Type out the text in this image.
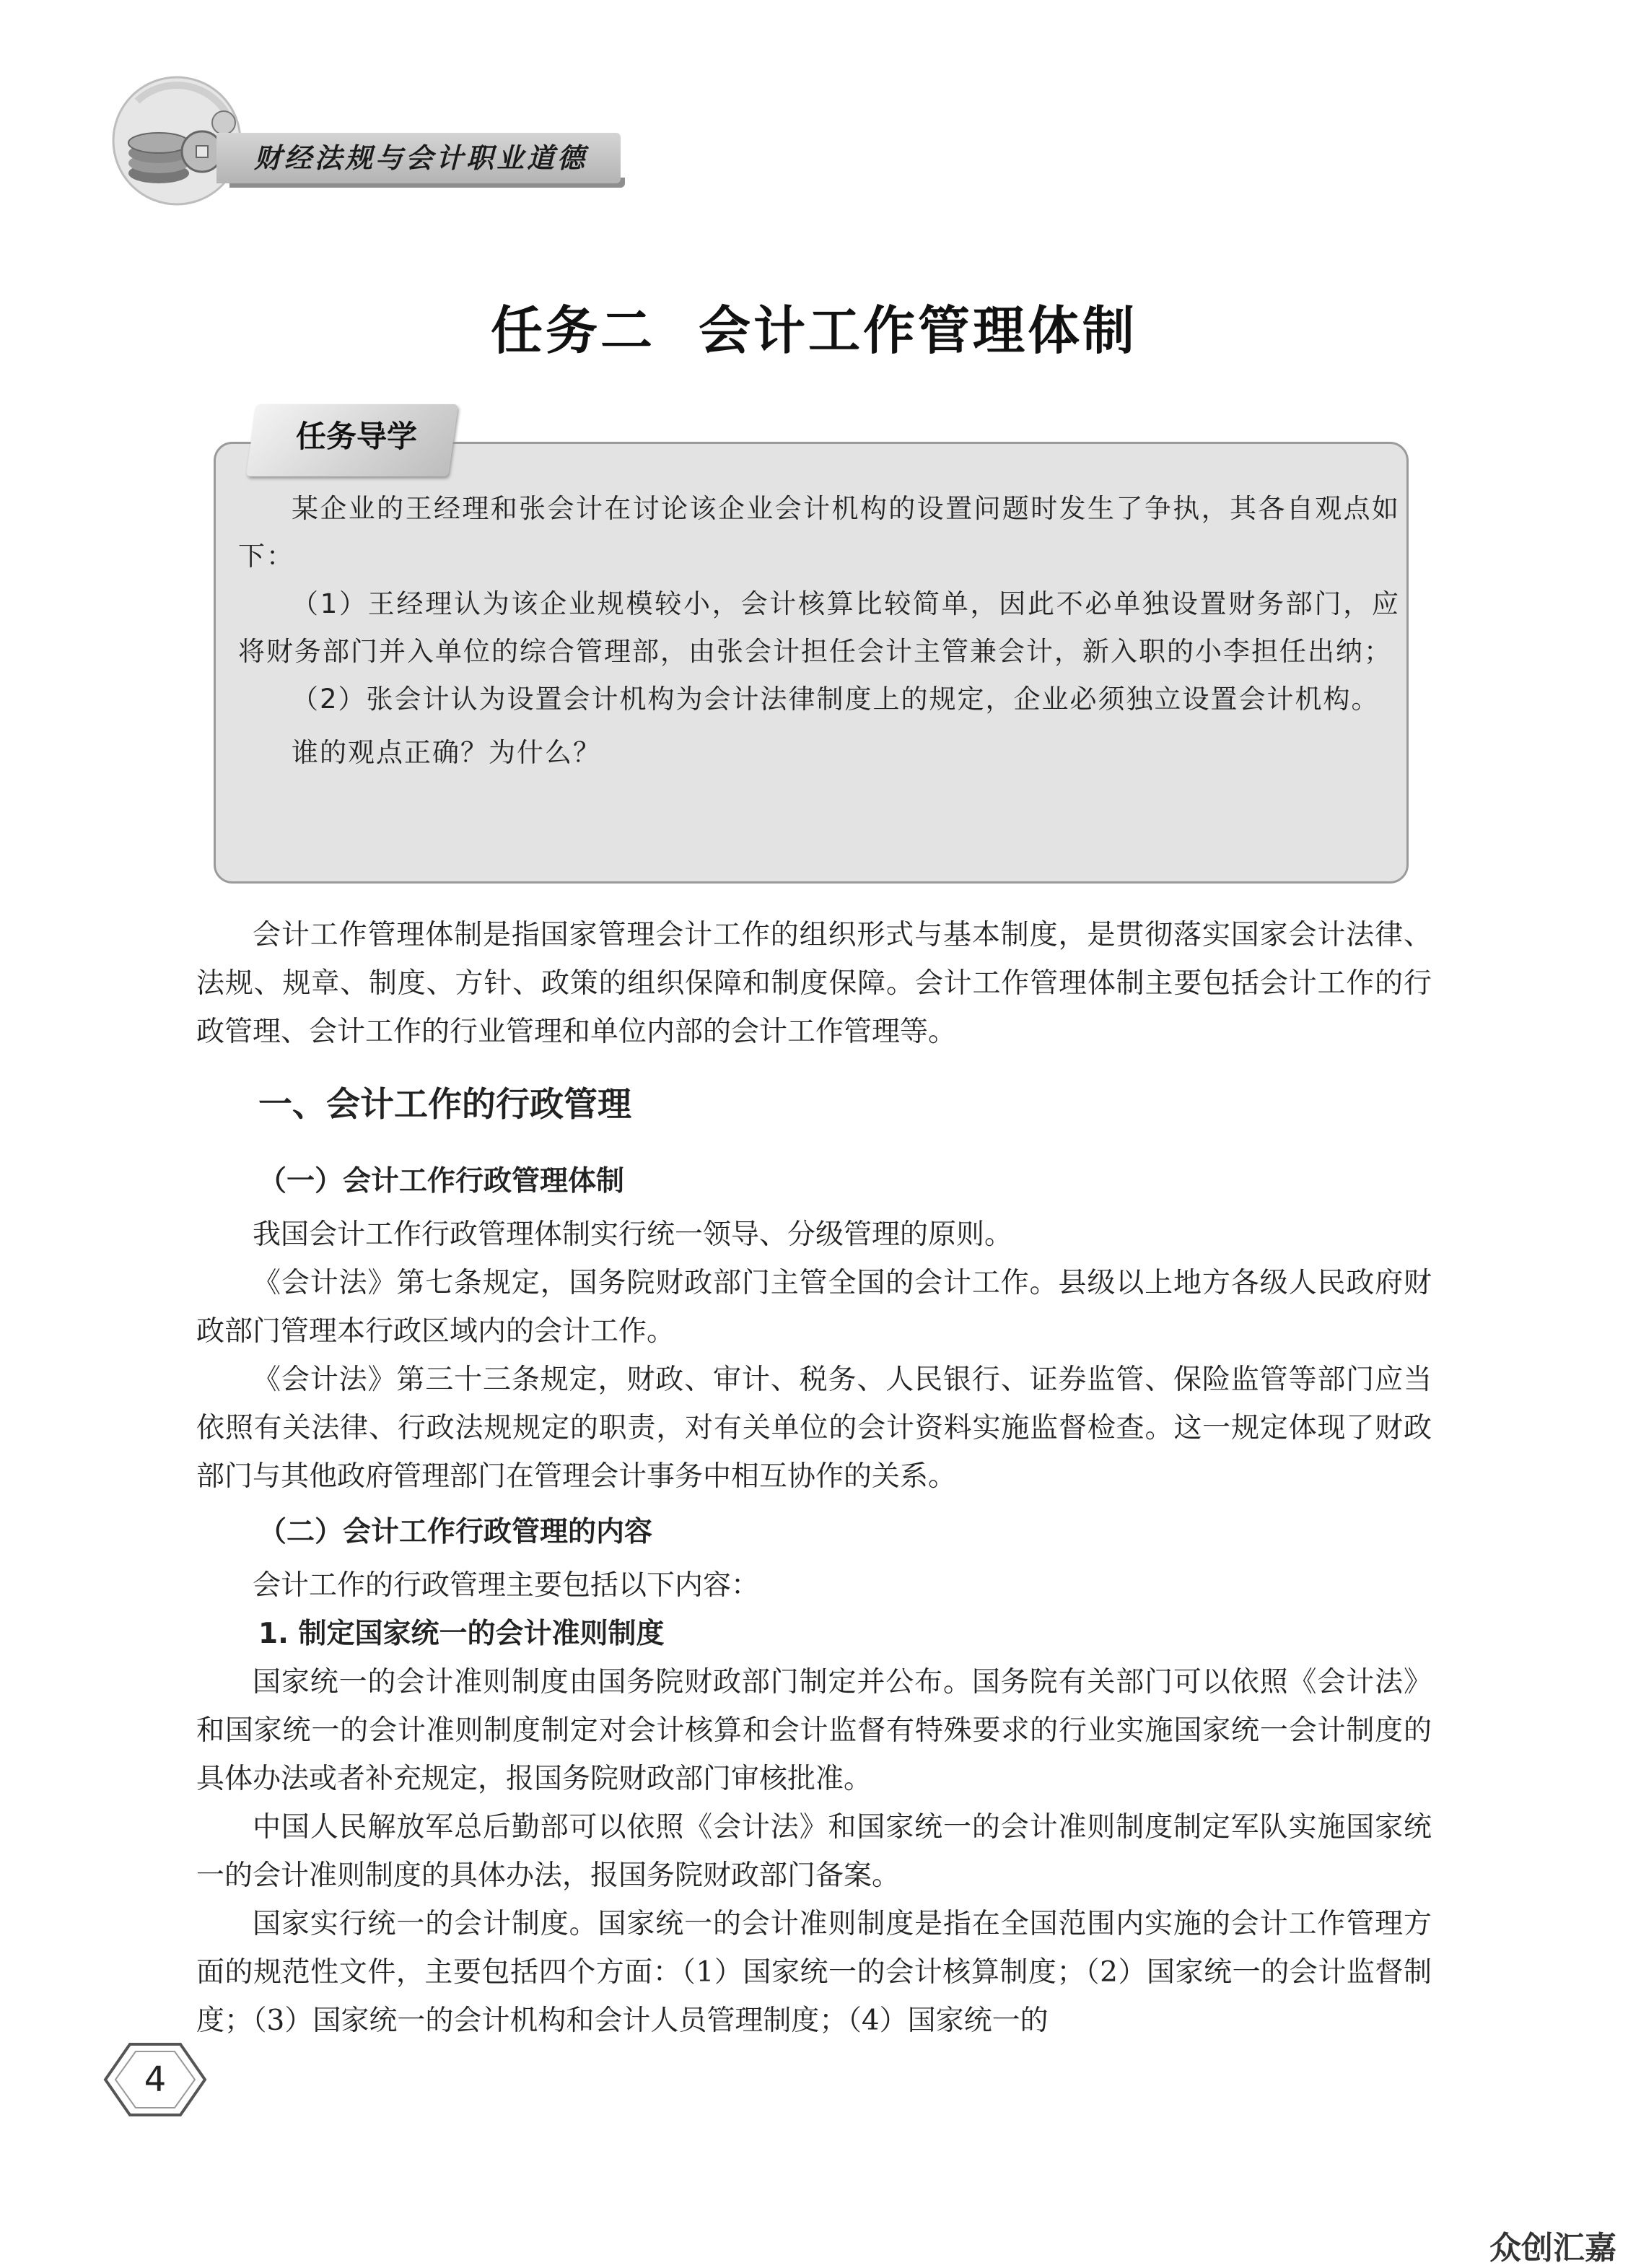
财经法规与会计职业道德
任务二 会计工作管理体制
任务导学

某企业的王经理和张会计在讨论该企业会计机构的设置问题时发生了争执，其各自观点如下：

（1）王经理认为该企业规模较小，会计核算比较简单，因此不必单独设置财务部门，应将财务部门并入单位的综合管理部，由张会计担任会计主管兼会计，新入职的小李担任出纳；

（2）张会计认为设置会计机构为会计法律制度上的规定，企业必须独立设置会计机构。

谁的观点正确？为什么？

会计工作管理体制是指国家管理会计工作的组织形式与基本制度，是贯彻落实国家会计法律、法规、规章、制度、方针、政策的组织保障和制度保障。会计工作管理体制主要包括会计工作的行政管理、会计工作的行业管理和单位内部的会计工作管理等。

一、会计工作的行政管理
（一）会计工作行政管理体制

我国会计工作行政管理体制实行统一领导、分级管理的原则。

《会计法》第七条规定，国务院财政部门主管全国的会计工作。县级以上地方各级人民政府财政部门管理本行政区域内的会计工作。

《会计法》第三十三条规定，财政、审计、税务、人民银行、证券监管、保险监管等部门应当依照有关法律、行政法规规定的职责，对有关单位的会计资料实施监督检查。这一规定体现了财政部门与其他政府管理部门在管理会计事务中相互协作的关系。

（二）会计工作行政管理的内容

会计工作的行政管理主要包括以下内容：

1. 制定国家统一的会计准则制度

国家统一的会计准则制度由国务院财政部门制定并公布。国务院有关部门可以依照《会计法》和国家统一的会计准则制度制定对会计核算和会计监督有特殊要求的行业实施国家统一会计制度的具体办法或者补充规定，报国务院财政部门审核批准。

中国人民解放军总后勤部可以依照《会计法》和国家统一的会计准则制度制定军队实施国家统一的会计准则制度的具体办法，报国务院财政部门备案。

国家实行统一的会计制度。国家统一的会计准则制度是指在全国范围内实施的会计工作管理方面的规范性文件，主要包括四个方面：（1）国家统一的会计核算制度；（2）国家统一的会计监督制度；（3）国家统一的会计机构和会计人员管理制度；（4）国家统一的

4
众创汇嘉
